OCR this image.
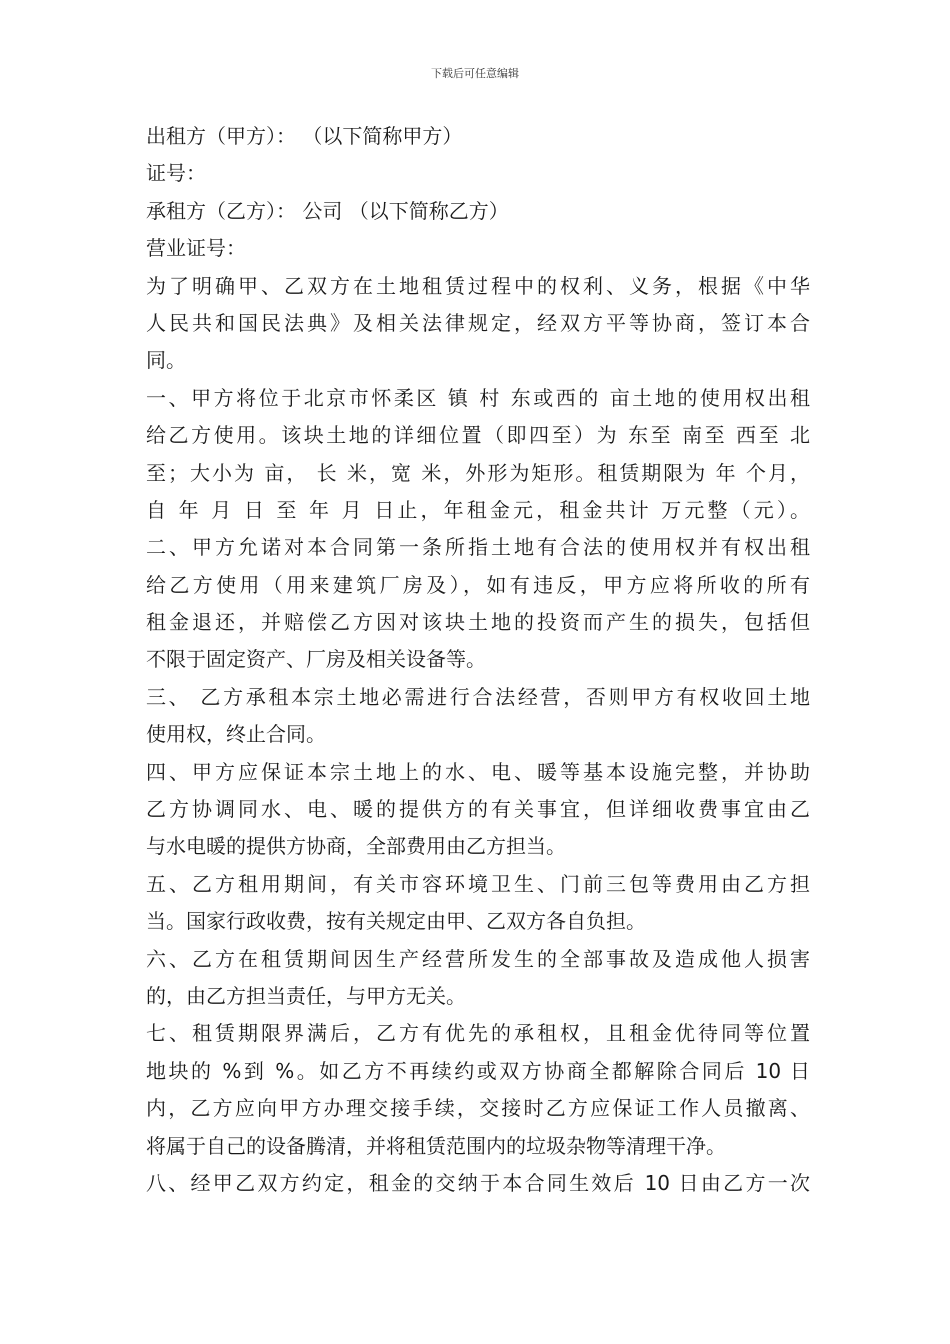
下载后可任意编辑
出租方（甲方）： （以下简称甲方）
证号：
承租方（乙方）： 公司 （以下简称乙方）
营业证号：
为了明确甲、乙双方在土地租赁过程中的权利、义务，根据《中华
人民共和国民法典》及相关法律规定，经双方平等协商，签订本合
同。
一、甲方将位于北京市怀柔区 镇 村 东或西的 亩土地的使用权出租
给乙方使用。该块土地的详细位置（即四至）为 东至 南至 西至 北
至；大小为 亩， 长 米，宽 米，外形为矩形。租赁期限为 年 个月，
自 年 月 日 至 年 月 日止，年租金元，租金共计 万元整（元）。
二、甲方允诺对本合同第一条所指土地有合法的使用权并有权出租
给乙方使用（用来建筑厂房及），如有违反，甲方应将所收的所有
租金退还，并赔偿乙方因对该块土地的投资而产生的损失，包括但
不限于固定资产、厂房及相关设备等。
三、 乙方承租本宗土地必需进行合法经营，否则甲方有权收回土地
使用权，终止合同。
四、甲方应保证本宗土地上的水、电、暖等基本设施完整，并协助
乙方协调同水、电、暖的提供方的有关事宜，但详细收费事宜由乙
与水电暖的提供方协商，全部费用由乙方担当。
五、乙方租用期间，有关市容环境卫生、门前三包等费用由乙方担
当。国家行政收费，按有关规定由甲、乙双方各自负担。
六、乙方在租赁期间因生产经营所发生的全部事故及造成他人损害
的，由乙方担当责任，与甲方无关。
七、租赁期限界满后，乙方有优先的承租权，且租金优待同等位置
地块的 %到 %。如乙方不再续约或双方协商全都解除合同后 10 日
内，乙方应向甲方办理交接手续，交接时乙方应保证工作人员撤离、
将属于自己的设备腾清，并将租赁范围内的垃圾杂物等清理干净。
八、经甲乙双方约定，租金的交纳于本合同生效后 10 日由乙方一次
